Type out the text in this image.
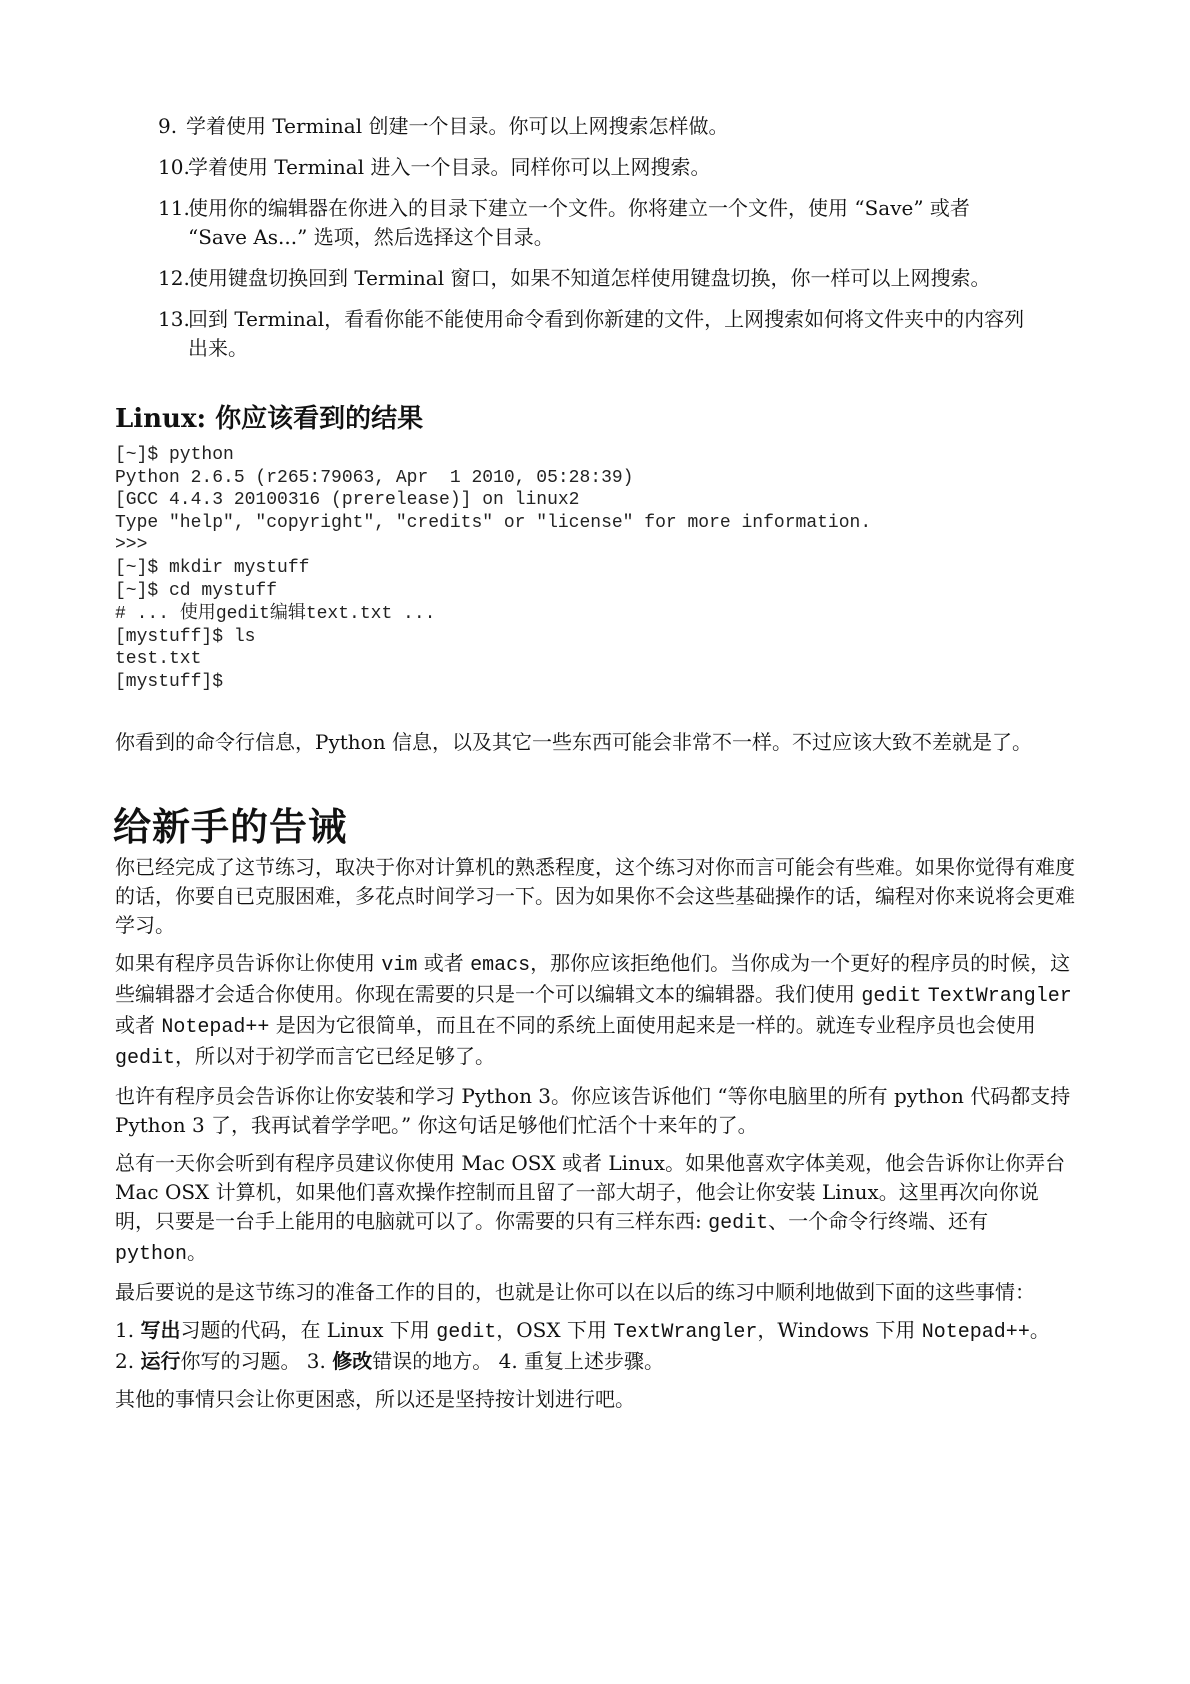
9. 学着使用 Terminal 创建一个目录。你可以上网搜索怎样做。
10.学着使用 Terminal 进入一个目录。同样你可以上网搜索。
11.使用你的编辑器在你进入的目录下建立一个文件。你将建立一个文件，使用 “Save” 或者
“Save As...” 选项，然后选择这个目录。
12.使用键盘切换回到 Terminal 窗口，如果不知道怎样使用键盘切换，你一样可以上网搜索。
13.回到 Terminal，看看你能不能使用命令看到你新建的文件，上网搜索如何将文件夹中的内容列
出来。
Linux: 你应该看到的结果
[~]$ python
Python 2.6.5 (r265:79063, Apr  1 2010, 05:28:39)
[GCC 4.4.3 20100316 (prerelease)] on linux2
Type "help", "copyright", "credits" or "license" for more information.
>>>
[~]$ mkdir mystuff
[~]$ cd mystuff
# ... 使用gedit编辑text.txt ...
[mystuff]$ ls
test.txt
[mystuff]$

你看到的命令行信息，Python 信息，以及其它一些东西可能会非常不一样。不过应该大致不差就是了。

给新手的告诫

你已经完成了这节练习，取决于你对计算机的熟悉程度，这个练习对你而言可能会有些难。如果你觉得有难度的话，你要自已克服困难，多花点时间学习一下。因为如果你不会这些基础操作的话，编程对你来说将会更难学习。

如果有程序员告诉你让你使用 vim 或者 emacs，那你应该拒绝他们。当你成为一个更好的程序员的时候，这些编辑器才会适合你使用。你现在需要的只是一个可以编辑文本的编辑器。我们使用 gedit TextWrangler 或者 Notepad++ 是因为它很简单，而且在不同的系统上面使用起来是一样的。就连专业程序员也会使用 gedit，所以对于初学而言它已经足够了。

也许有程序员会告诉你让你安装和学习 Python 3。你应该告诉他们 “等你电脑里的所有 python 代码都支持 Python 3 了，我再试着学学吧。” 你这句话足够他们忙活个十来年的了。

总有一天你会听到有程序员建议你使用 Mac OSX 或者 Linux。如果他喜欢字体美观，他会告诉你让你弄台 Mac OSX 计算机，如果他们喜欢操作控制而且留了一部大胡子，他会让你安装 Linux。这里再次向你说明，只要是一台手上能用的电脑就可以了。你需要的只有三样东西: gedit、一个命令行终端、还有 python。

最后要说的是这节练习的准备工作的目的，也就是让你可以在以后的练习中顺利地做到下面的这些事情：

1. 写出习题的代码，在 Linux 下用 gedit，OSX 下用 TextWrangler，Windows 下用 Notepad++。 2. 运行你写的习题。 3. 修改错误的地方。 4. 重复上述步骤。

其他的事情只会让你更困惑，所以还是坚持按计划进行吧。
